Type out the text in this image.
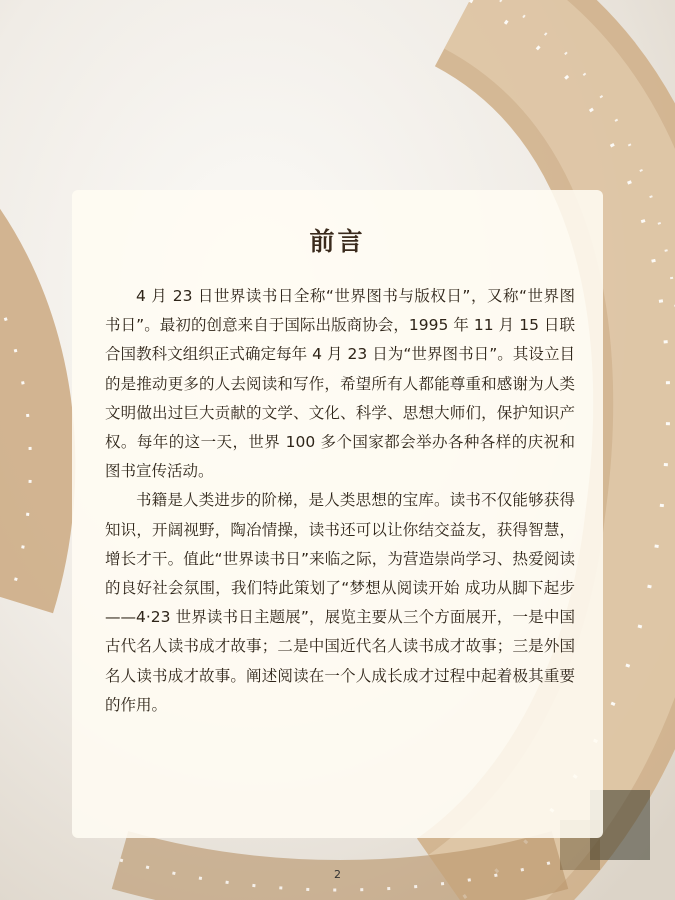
前言

4 月 23 日世界读书日全称“世界图书与版权日”，又称“世界图书日”。最初的创意来自于国际出版商协会，1995 年 11 月 15 日联合国教科文组织正式确定每年 4 月 23 日为“世界图书日”。其设立目的是推动更多的人去阅读和写作，希望所有人都能尊重和感谢为人类文明做出过巨大贡献的文学、文化、科学、思想大师们，保护知识产权。每年的这一天，世界 100 多个国家都会举办各种各样的庆祝和图书宣传活动。

书籍是人类进步的阶梯，是人类思想的宝库。读书不仅能够获得知识，开阔视野，陶冶情操，读书还可以让你结交益友，获得智慧，增长才干。值此“世界读书日”来临之际，为营造崇尚学习、热爱阅读的良好社会氛围，我们特此策划了“梦想从阅读开始 成功从脚下起步——4·23 世界读书日主题展”，展览主要从三个方面展开，一是中国古代名人读书成才故事；二是中国近代名人读书成才故事；三是外国名人读书成才故事。阐述阅读在一个人成长成才过程中起着极其重要的作用。

2
